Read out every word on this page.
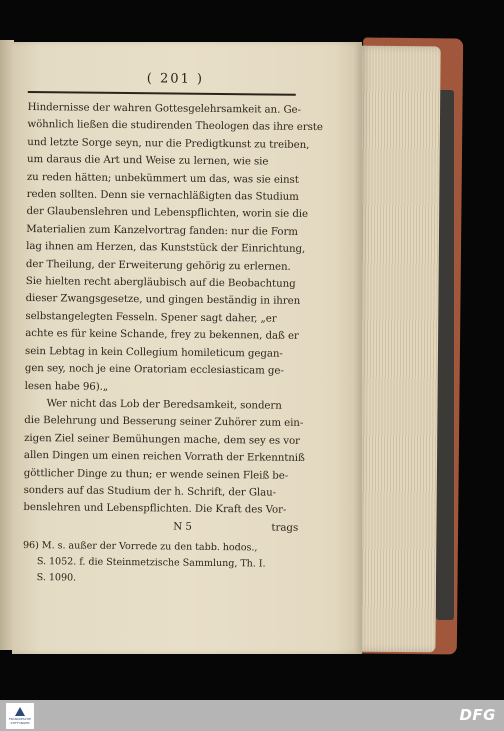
( 201 )
Hindernisse der wahren Gottesgelehrsamkeit an. Ge-
wöhnlich ließen die studirenden Theologen das ihre erste
und letzte Sorge seyn, nur die Predigtkunst zu treiben,
um daraus die Art und Weise zu lernen, wie sie
zu reden hätten; unbekümmert um das, was sie einst
reden sollten. Denn sie vernachläßigten das Studium
der Glaubenslehren und Lebenspflichten, worin sie die
Materialien zum Kanzelvortrag fanden: nur die Form
lag ihnen am Herzen, das Kunststück der Einrichtung,
der Theilung, der Erweiterung gehörig zu erlernen.
Sie hielten recht abergläubisch auf die Beobachtung
dieser Zwangsgesetze, und gingen beständig in ihren
selbstangelegten Fesseln. Spener sagt daher, „er
achte es für keine Schande, frey zu bekennen, daß er
sein Lebtag in kein Collegium homileticum gegan-
gen sey, noch je eine Oratoriam ecclesiasticam ge-
lesen habe 96).„
Wer nicht das Lob der Beredsamkeit, sondern
die Belehrung und Besserung seiner Zuhörer zum ein-
zigen Ziel seiner Bemühungen mache, dem sey es vor
allen Dingen um einen reichen Vorrath der Erkenntniß
göttlicher Dinge zu thun; er wende seinen Fleiß be-
sonders auf das Studium der h. Schrift, der Glau-
benslehren und Lebenspflichten. Die Kraft des Vor-
N 5	trags
96) M. s. außer der Vorrede zu den tabb. hodos.,
S. 1052. f. die Steinmetzische Sammlung, Th. I.
S. 1090.
FRANCKESCHE STIFTUNGEN	DFG
